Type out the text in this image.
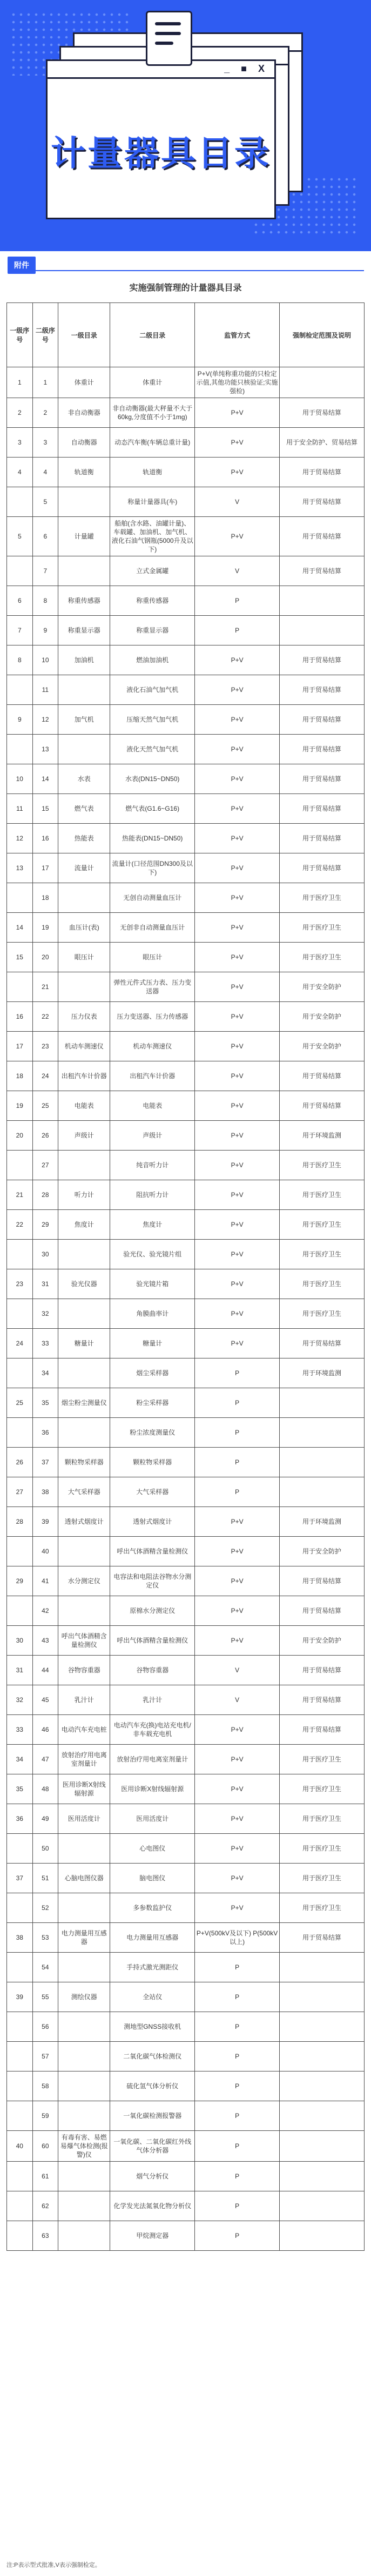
_ ■ X
计量器具目录
附件
实施强制管理的计量器具目录
一级序号	二级序号	一级目录	二级目录	监管方式	强制检定范围及说明
1	1	体重计	体重计	P+V(单纯称重功能的只检定示值,其他功能只核验证;实施强检)	
2	2	非自动衡器	非自动衡器(最大秤量不大于60kg,分度值不小于1mg)	P+V	用于贸易结算
3	3	自动衡器	动态汽车衡(车辆总重计量)	P+V	用于安全防护、贸易结算
4	4	轨道衡	轨道衡	P+V	用于贸易结算
	5		称量计量器具(车)	V	用于贸易结算
5	6	计量罐	船舶(含水路、油罐计量)、车载罐、加油机、加气机、液化石油气钢瓶(5000升及以下)	P+V	用于贸易结算
	7		立式金属罐	V	用于贸易结算
6	8	称重传感器	称重传感器	P	
7	9	称重显示器	称重显示器	P	
8	10	加油机	燃油加油机	P+V	用于贸易结算
	11		液化石油气加气机	P+V	用于贸易结算
9	12	加气机	压缩天然气加气机	P+V	用于贸易结算
	13		液化天然气加气机	P+V	用于贸易结算
10	14	水表	水表(DN15~DN50)	P+V	用于贸易结算
11	15	燃气表	燃气表(G1.6~G16)	P+V	用于贸易结算
12	16	热能表	热能表(DN15~DN50)	P+V	用于贸易结算
13	17	流量计	流量计(口径范围DN300及以下)	P+V	用于贸易结算
	18		无创自动测量血压计	P+V	用于医疗卫生
14	19	血压计(表)	无创非自动测量血压计	P+V	用于医疗卫生
15	20	眼压计	眼压计	P+V	用于医疗卫生
	21		弹性元件式压力表、压力变送器	P+V	用于安全防护
16	22	压力仪表	压力变送器、压力传感器	P+V	用于安全防护
17	23	机动车测速仪	机动车测速仪	P+V	用于安全防护
18	24	出租汽车计价器	出租汽车计价器	P+V	用于贸易结算
19	25	电能表	电能表	P+V	用于贸易结算
20	26	声级计	声级计	P+V	用于环境监测
	27		纯音听力计	P+V	用于医疗卫生
21	28	听力计	阻抗听力计	P+V	用于医疗卫生
22	29	焦度计	焦度计	P+V	用于医疗卫生
	30		验光仪、验光镜片组	P+V	用于医疗卫生
23	31	验光仪器	验光镜片箱	P+V	用于医疗卫生
	32		角膜曲率计	P+V	用于医疗卫生
24	33	糖量计	糖量计	P+V	用于贸易结算
	34		烟尘采样器	P	用于环境监测
25	35	烟尘粉尘测量仪	粉尘采样器	P	
	36		粉尘浓度测量仪	P	
26	37	颗粒物采样器	颗粒物采样器	P	
27	38	大气采样器	大气采样器	P	
28	39	透射式烟度计	透射式烟度计	P+V	用于环境监测
	40		呼出气体酒精含量检测仪	P+V	用于安全防护
29	41	水分测定仪	电容法和电阻法谷物水分测定仪	P+V	用于贸易结算
	42		原棉水分测定仪	P+V	用于贸易结算
30	43	呼出气体酒精含量检测仪	呼出气体酒精含量检测仪	P+V	用于安全防护
31	44	谷物容重器	谷物容重器	V	用于贸易结算
32	45	乳汁计	乳汁计	V	用于贸易结算
33	46	电动汽车充电桩	电动汽车充(换)电站充电机/非车载充电机	P+V	用于贸易结算
34	47	放射治疗用电离室剂量计	放射治疗用电离室剂量计	P+V	用于医疗卫生
35	48	医用诊断X射线辐射源	医用诊断X射线辐射源	P+V	用于医疗卫生
36	49	医用活度计	医用活度计	P+V	用于医疗卫生
	50		心电图仪	P+V	用于医疗卫生
37	51	心脑电图仪器	脑电图仪	P+V	用于医疗卫生
	52		多参数监护仪	P+V	用于医疗卫生
38	53	电力测量用互感器	电力测量用互感器	P+V(500kV及以下) P(500kV以上)	用于贸易结算
	54		手持式激光测距仪	P	
39	55	测绘仪器	全站仪	P	
	56		测地型GNSS接收机	P	
	57		二氧化碳气体检测仪	P	
	58		硫化氢气体分析仪	P	
	59		一氧化碳检测报警器	P	
40	60	有毒有害、易燃易爆气体检测(报警)仪	一氧化碳、二氧化碳红外线气体分析器	P	
	61		烟气分析仪	P	
	62		化学发光法氮氧化物分析仪	P	
	63		甲烷测定器	P	
注:P表示型式批准,V表示强制检定。
